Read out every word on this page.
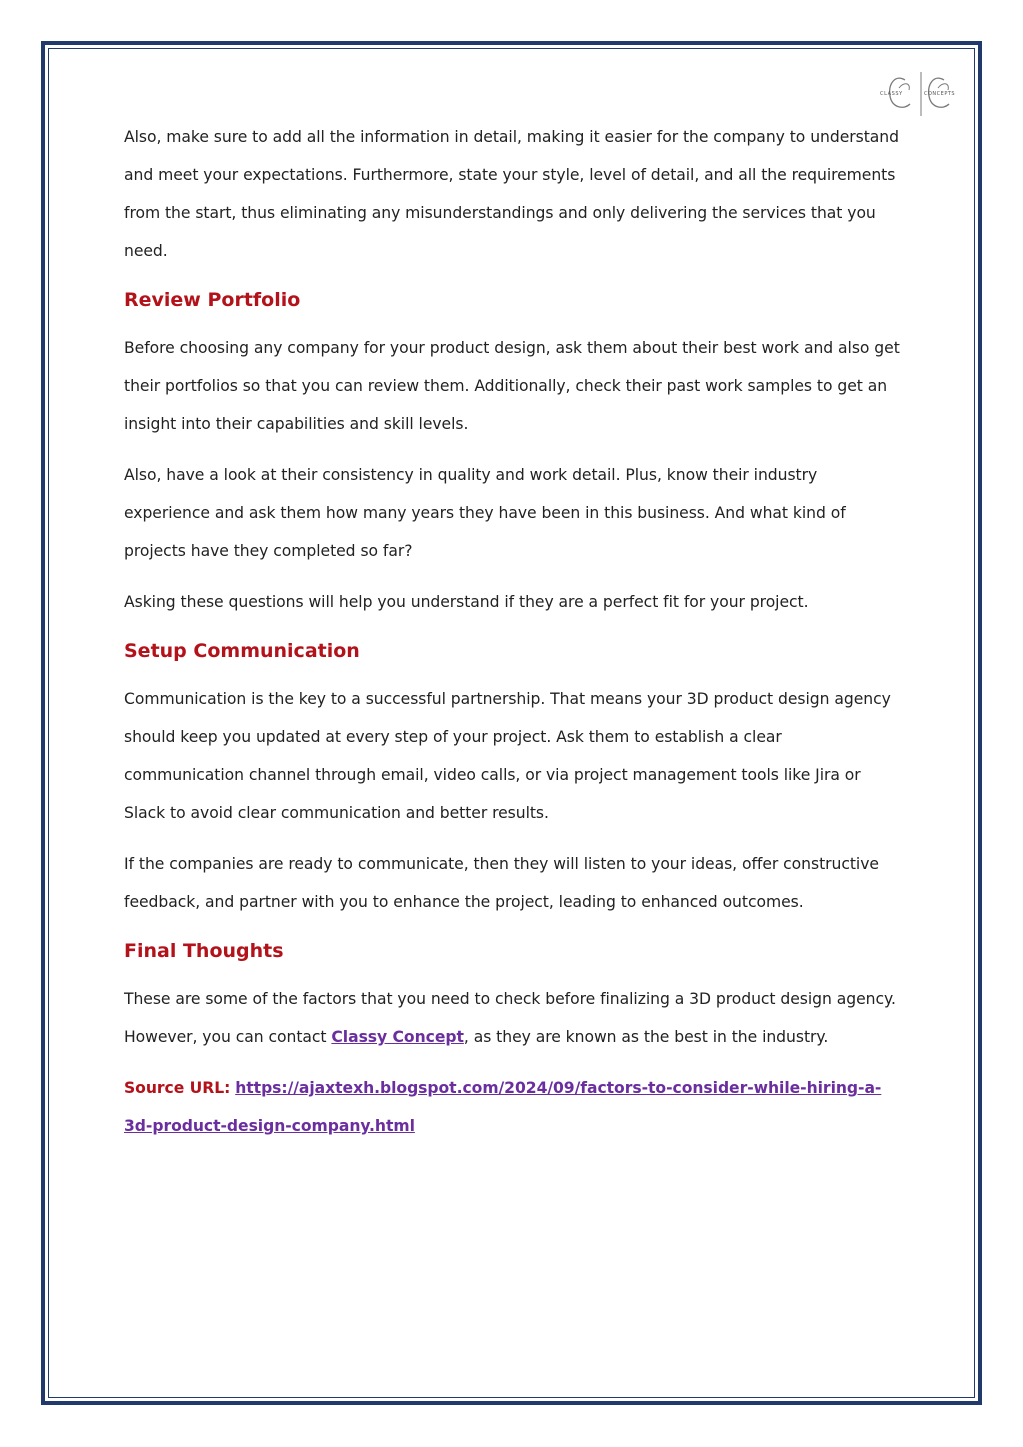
CLASSY	CONCEPTS

Also, make sure to add all the information in detail, making it easier for the company to understand and meet your expectations. Furthermore, state your style, level of detail, and all the requirements from the start, thus eliminating any misunderstandings and only delivering the services that you need.

Review Portfolio

Before choosing any company for your product design, ask them about their best work and also get their portfolios so that you can review them. Additionally, check their past work samples to get an insight into their capabilities and skill levels.

Also, have a look at their consistency in quality and work detail. Plus, know their industry experience and ask them how many years they have been in this business. And what kind of projects have they completed so far?

Asking these questions will help you understand if they are a perfect fit for your project.

Setup Communication

Communication is the key to a successful partnership. That means your 3D product design agency should keep you updated at every step of your project. Ask them to establish a clear communication channel through email, video calls, or via project management tools like Jira or Slack to avoid clear communication and better results.

If the companies are ready to communicate, then they will listen to your ideas, offer constructive feedback, and partner with you to enhance the project, leading to enhanced outcomes.

Final Thoughts

These are some of the factors that you need to check before finalizing a 3D product design agency. However, you can contact Classy Concept, as they are known as the best in the industry.

Source URL: https://ajaxtexh.blogspot.com/2024/09/factors-to-consider-while-hiring-a-3d-product-design-company.html
